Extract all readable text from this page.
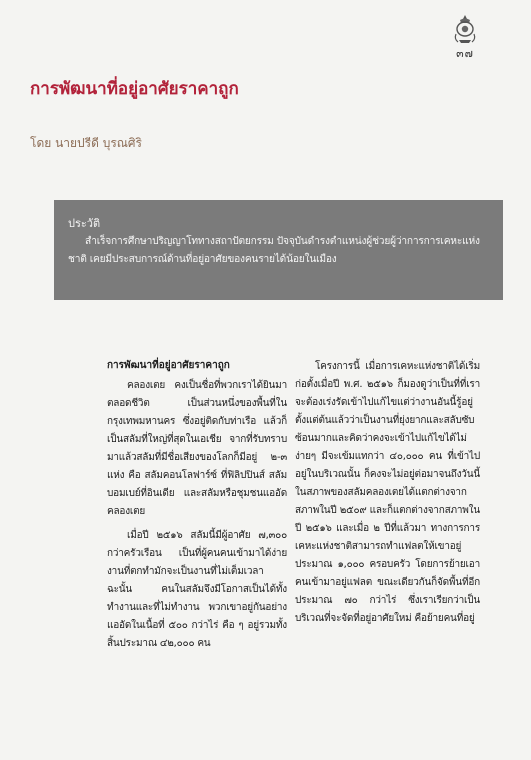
๓๗
การพัฒนาที่อยู่อาศัยราคาถูก
โดย นายปรีดี บุรณศิริ
ประวัติ
สำเร็จการศึกษาปริญญาโททางสถาปัตยกรรม ปัจจุบันดำรงตำแหน่งผู้ช่วยผู้ว่าการการเคหะแห่งชาติ เคยมีประสบการณ์ด้านที่อยู่อาศัยของคนรายได้น้อยในเมือง
การพัฒนาที่อยู่อาศัยราคาถูก

คลองเตย คงเป็นชื่อที่พวกเราได้ยินมาตลอดชีวิต เป็นส่วนหนึ่งของพื้นที่ในกรุงเทพมหานคร ซึ่งอยู่ติดกับท่าเรือ แล้วก็เป็นสลัมที่ใหญ่ที่สุดในเอเชีย จากที่รับทราบมาแล้วสลัมที่มีชื่อเสียงของโลกก็มีอยู่ ๒-๓ แห่ง คือ สลัมคอนโลฟาร์ซ์ ที่ฟิลิปปินส์ สลัมบอมเบย์ที่อินเดีย และสลัมหรือชุมชนแออัดคลองเตย

เมื่อปี ๒๕๑๖ สลัมนี้มีผู้อาศัย ๗,๓๐๐ กว่าครัวเรือน เป็นที่ผู้คนคนเข้ามาได้ง่าย งานที่ตกทำมักจะเป็นงานที่ไม่เต็มเวลา ฉะนั้น คนในสลัมจึงมีโอกาสเป็นได้ทั้งทำงานและที่ไม่ทำงาน พวกเขาอยู่กันอย่างแออัดในเนื้อที่ ๕๐๐ กว่าไร่ คือ ๆ อยู่รวมทั้งสิ้นประมาณ ๔๒,๐๐๐ คน

โครงการนี้ เมื่อการเคหะแห่งชาติได้เริ่มก่อตั้งเมื่อปี พ.ศ. ๒๕๑๖ ก็มองดูว่าเป็นที่ที่เราจะต้องเร่งรัดเข้าไปแก้ไขแต่ว่างานอันนี้รู้อยู่ตั้งแต่ต้นแล้วว่าเป็นงานที่ยุ่งยากและสลับซับซ้อนมากและคิดว่าคงจะเข้าไปแก้ไขได้ไม่ง่ายๆ มีจะเข้มแทกว่า ๔๐,๐๐๐ คน ที่เข้าไปอยู่ในบริเวณนั้น ก็คงจะไม่อยู่ต่อมาจนถึงวันนี้ ในสภาพของสลัมคลองเตยได้แตกต่างจากสภาพในปี ๒๕๐๙ และก็แตกต่างจากสภาพในปี ๒๕๑๖ และเมื่อ ๒ ปีที่แล้วมา ทางการการเคหะแห่งชาติสามารถทำแฟลตให้เขาอยู่ประมาณ ๑,๐๐๐ ครอบครัว โดยการย้ายเอาคนเข้ามาอยู่แฟลต ขณะเดียวกันก็จัดพื้นที่อีกประมาณ ๗๐ กว่าไร่ ซึ่งเราเรียกว่าเป็นบริเวณที่จะจัดที่อยู่อาศัยใหม่ คือย้ายคนที่อยู่
